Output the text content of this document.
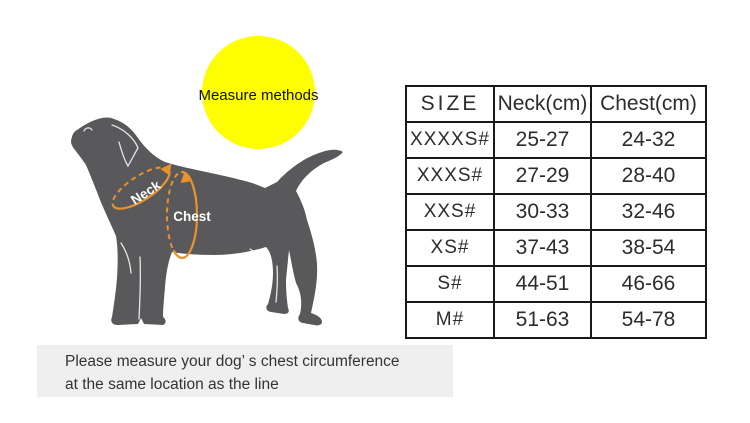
Measure methods
Neck
Chest
SIZE	Neck(cm)	Chest(cm)
XXXXS#	25-27	24-32
XXXS#	27-29	28-40
XXS#	30-33	32-46
XS#	37-43	38-54
S#	44-51	46-66
M#	51-63	54-78
Please measure your dog’ s chest circumference
at the same location as the line
